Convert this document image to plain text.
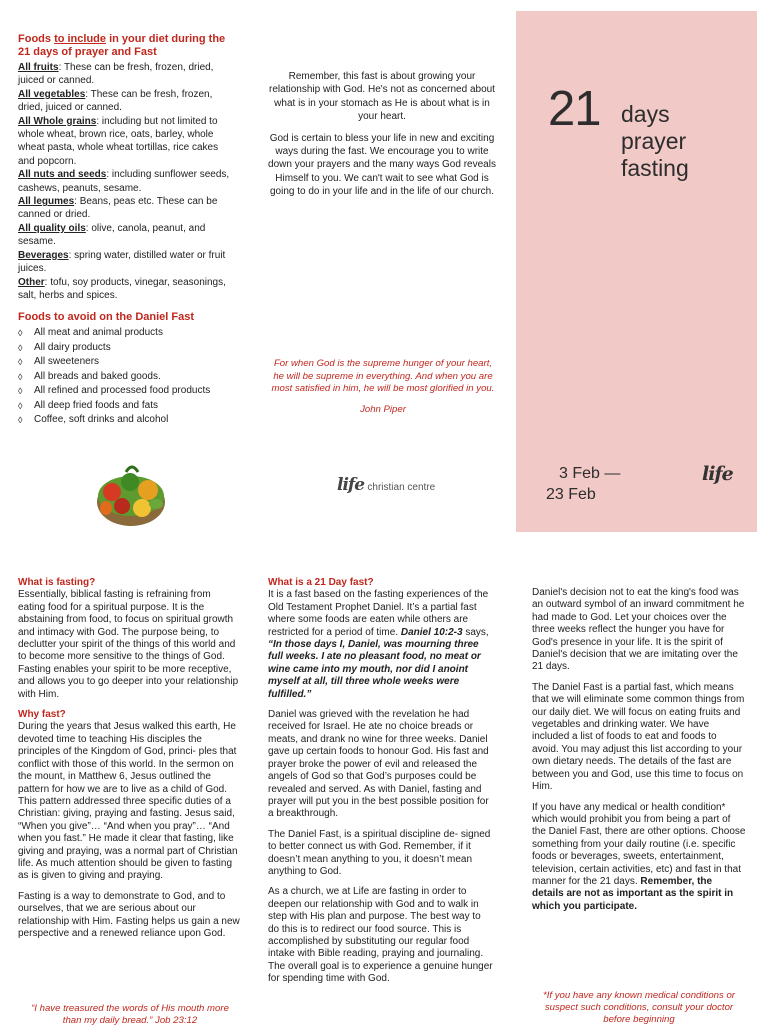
Foods to include in your diet during the 21 days of prayer and Fast

All fruits: These can be fresh, frozen, dried, juiced or canned.

All vegetables: These can be fresh, frozen, dried, juiced or canned.

All Whole grains: including but not limited to whole wheat, brown rice, oats, barley, whole wheat pasta, whole wheat tortillas, rice cakes and popcorn.

All nuts and seeds: including sunflower seeds, cashews, peanuts, sesame.

All legumes: Beans, peas etc. These can be canned or dried.

All quality oils: olive, canola, peanut, and sesame.

Beverages: spring water, distilled water or fruit juices.

Other: tofu, soy products, vinegar, seasonings, salt, herbs and spices.

Foods to avoid on the Daniel Fast
◊ All meat and animal products
◊ All dairy products
◊ All sweeteners
◊ All breads and baked goods.
◊ All refined and processed food products
◊ All deep fried foods and fats
◊ Coffee, soft drinks and alcohol

Remember, this fast is about growing your relationship with God. He's not as concerned about what is in your stomach as He is about what is in your heart.

God is certain to bless your life in new and exciting ways during the fast. We encourage you to write down your prayers and the many ways God reveals Himself to you. We can't wait to see what God is going to do in your life and in the life of our church.

For when God is the supreme hunger of your heart, he will be supreme in everything. And when you are most satisfied in him, he will be most glorified in you.
John Piper
life christian centre
21 days
prayer
fasting
3 Feb —
23 Feb
life
What is fasting?

Essentially, biblical fasting is refraining from eating food for a spiritual purpose. It is the abstaining from food, to focus on spiritual growth and intimacy with God. The purpose being, to declutter your spirit of the things of this world and to become more sensitive to the things of God. Fasting enables your spirit to be more receptive, and allows you to go deeper into your relationship with Him.

Why fast?

During the years that Jesus walked this earth, He devoted time to teaching His disciples the principles of the Kingdom of God, princi- ples that conflict with those of this world. In the sermon on the mount, in Matthew 6, Jesus outlined the pattern for how we are to live as a child of God. This pattern addressed three specific duties of a Christian: giving, praying and fasting. Jesus said, “When you give”… “And when you pray”… “And when you fast.” He made it clear that fasting, like giving and praying, was a normal part of Christian life. As much attention should be given to fasting as is given to giving and praying.

Fasting is a way to demonstrate to God, and to ourselves, that we are serious about our relationship with Him. Fasting helps us gain a new perspective and a renewed reliance upon God.

“I have treasured the words of His mouth more than my daily bread.” Job 23:12
What is a 21 Day fast?

It is a fast based on the fasting experiences of the Old Testament Prophet Daniel. It’s a partial fast where some foods are eaten while others are restricted for a period of time. Daniel 10:2-3 says, “In those days I, Daniel, was mourning three full weeks. I ate no pleasant food, no meat or wine came into my mouth, nor did I anoint myself at all, till three whole weeks were fulfilled.”

Daniel was grieved with the revelation he had received for Israel. He ate no choice breads or meats, and drank no wine for three weeks. Daniel gave up certain foods to honour God. His fast and prayer broke the power of evil and released the angels of God so that God’s purposes could be revealed and served. As with Daniel, fasting and prayer will put you in the best possible position for a breakthrough.

The Daniel Fast, is a spiritual discipline de- signed to better connect us with God. Remember, if it doesn’t mean anything to you, it doesn’t mean anything to God.

As a church, we at Life are fasting in order to deepen our relationship with God and to walk in step with His plan and purpose. The best way to do this is to redirect our food source. This is accomplished by substituting our regular food intake with Bible reading, praying and journaling. The overall goal is to experience a genuine hunger for spending time with God.

Daniel's decision not to eat the king's food was an outward symbol of an inward commitment he had made to God. Let your choices over the three weeks reflect the hunger you have for God's presence in your life. It is the spirit of Daniel's decision that we are imitating over the 21 days.

The Daniel Fast is a partial fast, which means that we will eliminate some common things from our daily diet. We will focus on eating fruits and vegetables and drinking water. We have included a list of foods to eat and foods to avoid. You may adjust this list according to your own dietary needs. The details of the fast are between you and God, use this time to focus on Him.

If you have any medical or health condition* which would prohibit you from being a part of the Daniel Fast, there are other options. Choose something from your daily routine (i.e. specific foods or beverages, sweets, entertainment, television, certain activities, etc) and fast in that manner for the 21 days. Remember, the details are not as important as the spirit in which you participate.

*If you have any known medical conditions or suspect such conditions, consult your doctor before beginning
